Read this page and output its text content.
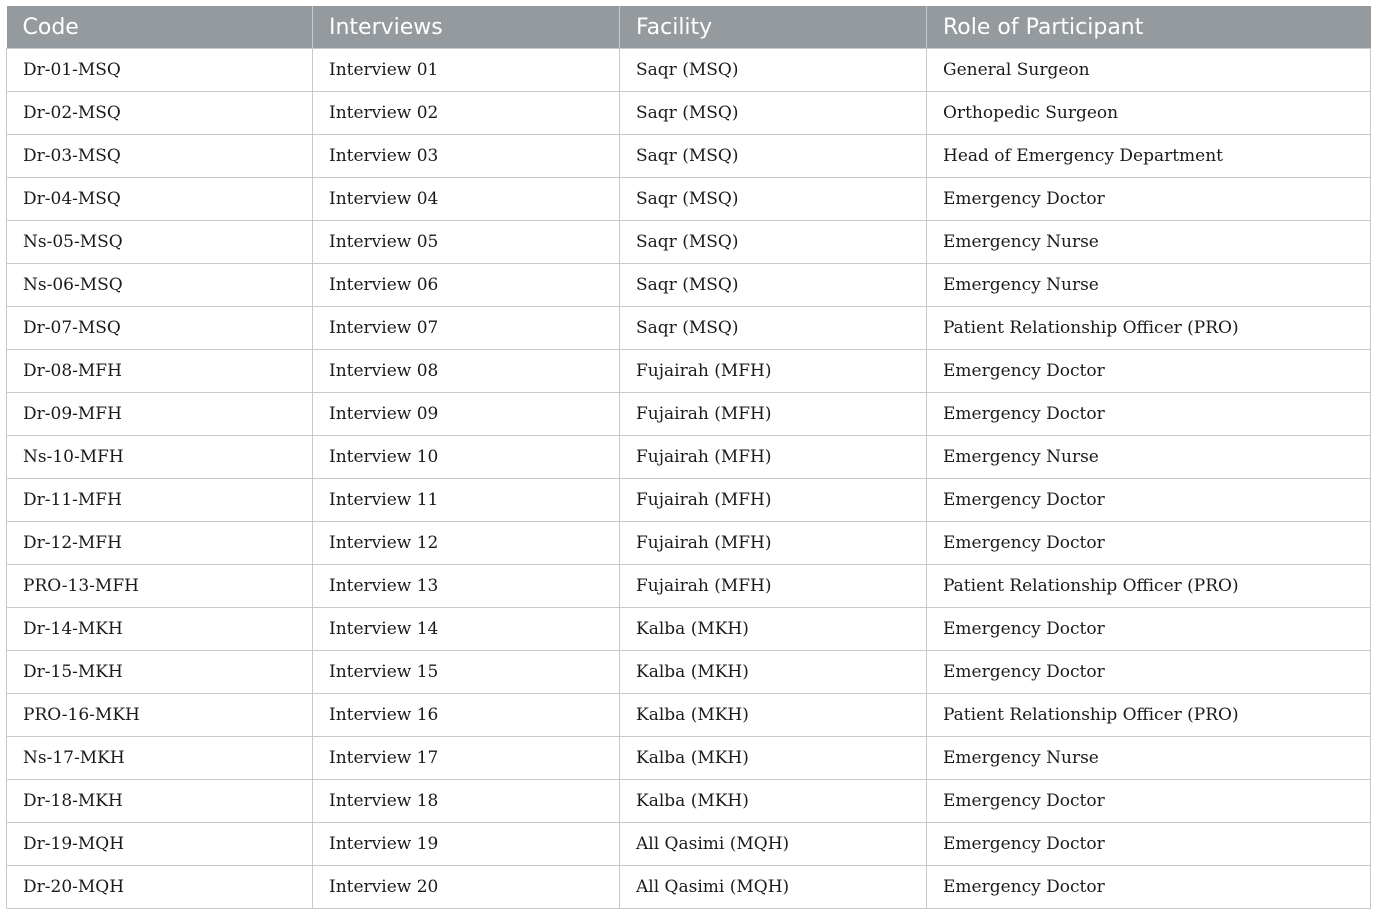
Code	Interviews	Facility	Role of Participant
Dr-01-MSQ	Interview 01	Saqr (MSQ)	General Surgeon
Dr-02-MSQ	Interview 02	Saqr (MSQ)	Orthopedic Surgeon
Dr-03-MSQ	Interview 03	Saqr (MSQ)	Head of Emergency Department
Dr-04-MSQ	Interview 04	Saqr (MSQ)	Emergency Doctor
Ns-05-MSQ	Interview 05	Saqr (MSQ)	Emergency Nurse
Ns-06-MSQ	Interview 06	Saqr (MSQ)	Emergency Nurse
Dr-07-MSQ	Interview 07	Saqr (MSQ)	Patient Relationship Officer (PRO)
Dr-08-MFH	Interview 08	Fujairah (MFH)	Emergency Doctor
Dr-09-MFH	Interview 09	Fujairah (MFH)	Emergency Doctor
Ns-10-MFH	Interview 10	Fujairah (MFH)	Emergency Nurse
Dr-11-MFH	Interview 11	Fujairah (MFH)	Emergency Doctor
Dr-12-MFH	Interview 12	Fujairah (MFH)	Emergency Doctor
PRO-13-MFH	Interview 13	Fujairah (MFH)	Patient Relationship Officer (PRO)
Dr-14-MKH	Interview 14	Kalba (MKH)	Emergency Doctor
Dr-15-MKH	Interview 15	Kalba (MKH)	Emergency Doctor
PRO-16-MKH	Interview 16	Kalba (MKH)	Patient Relationship Officer (PRO)
Ns-17-MKH	Interview 17	Kalba (MKH)	Emergency Nurse
Dr-18-MKH	Interview 18	Kalba (MKH)	Emergency Doctor
Dr-19-MQH	Interview 19	All Qasimi (MQH)	Emergency Doctor
Dr-20-MQH	Interview 20	All Qasimi (MQH)	Emergency Doctor
